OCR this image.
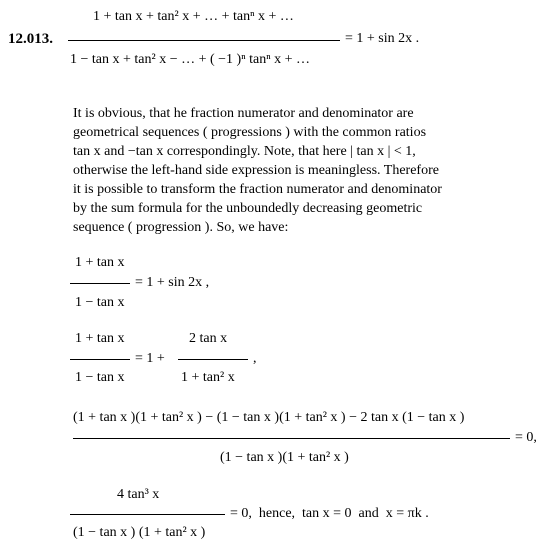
12.013.
1 + tan x + tan² x + … + tanⁿ x + …
= 1 + sin 2x .
1 − tan x + tan² x − … + ( −1 )ⁿ tanⁿ x + …
It is obvious, that he fraction numerator and denominator are
geometrical sequences ( progressions ) with the common ratios
tan x and −tan x correspondingly. Note, that here | tan x | < 1,
otherwise the left-hand side expression is meaningless. Therefore
it is possible to transform the fraction numerator and denominator
by the sum formula for the unboundedly decreasing geometric
sequence ( progression ). So, we have:
1 + tan x
= 1 + sin 2x ,
1 − tan x
1 + tan x
= 1 +
2 tan x
,
1 − tan x	1 + tan² x
(1 + tan x )(1 + tan² x ) − (1 − tan x )(1 + tan² x ) − 2 tan x (1 − tan x )
= 0,
(1 − tan x )(1 + tan² x )
4 tan³ x
= 0,  hence,  tan x = 0  and  x = πk .
(1 − tan x ) (1 + tan² x )
